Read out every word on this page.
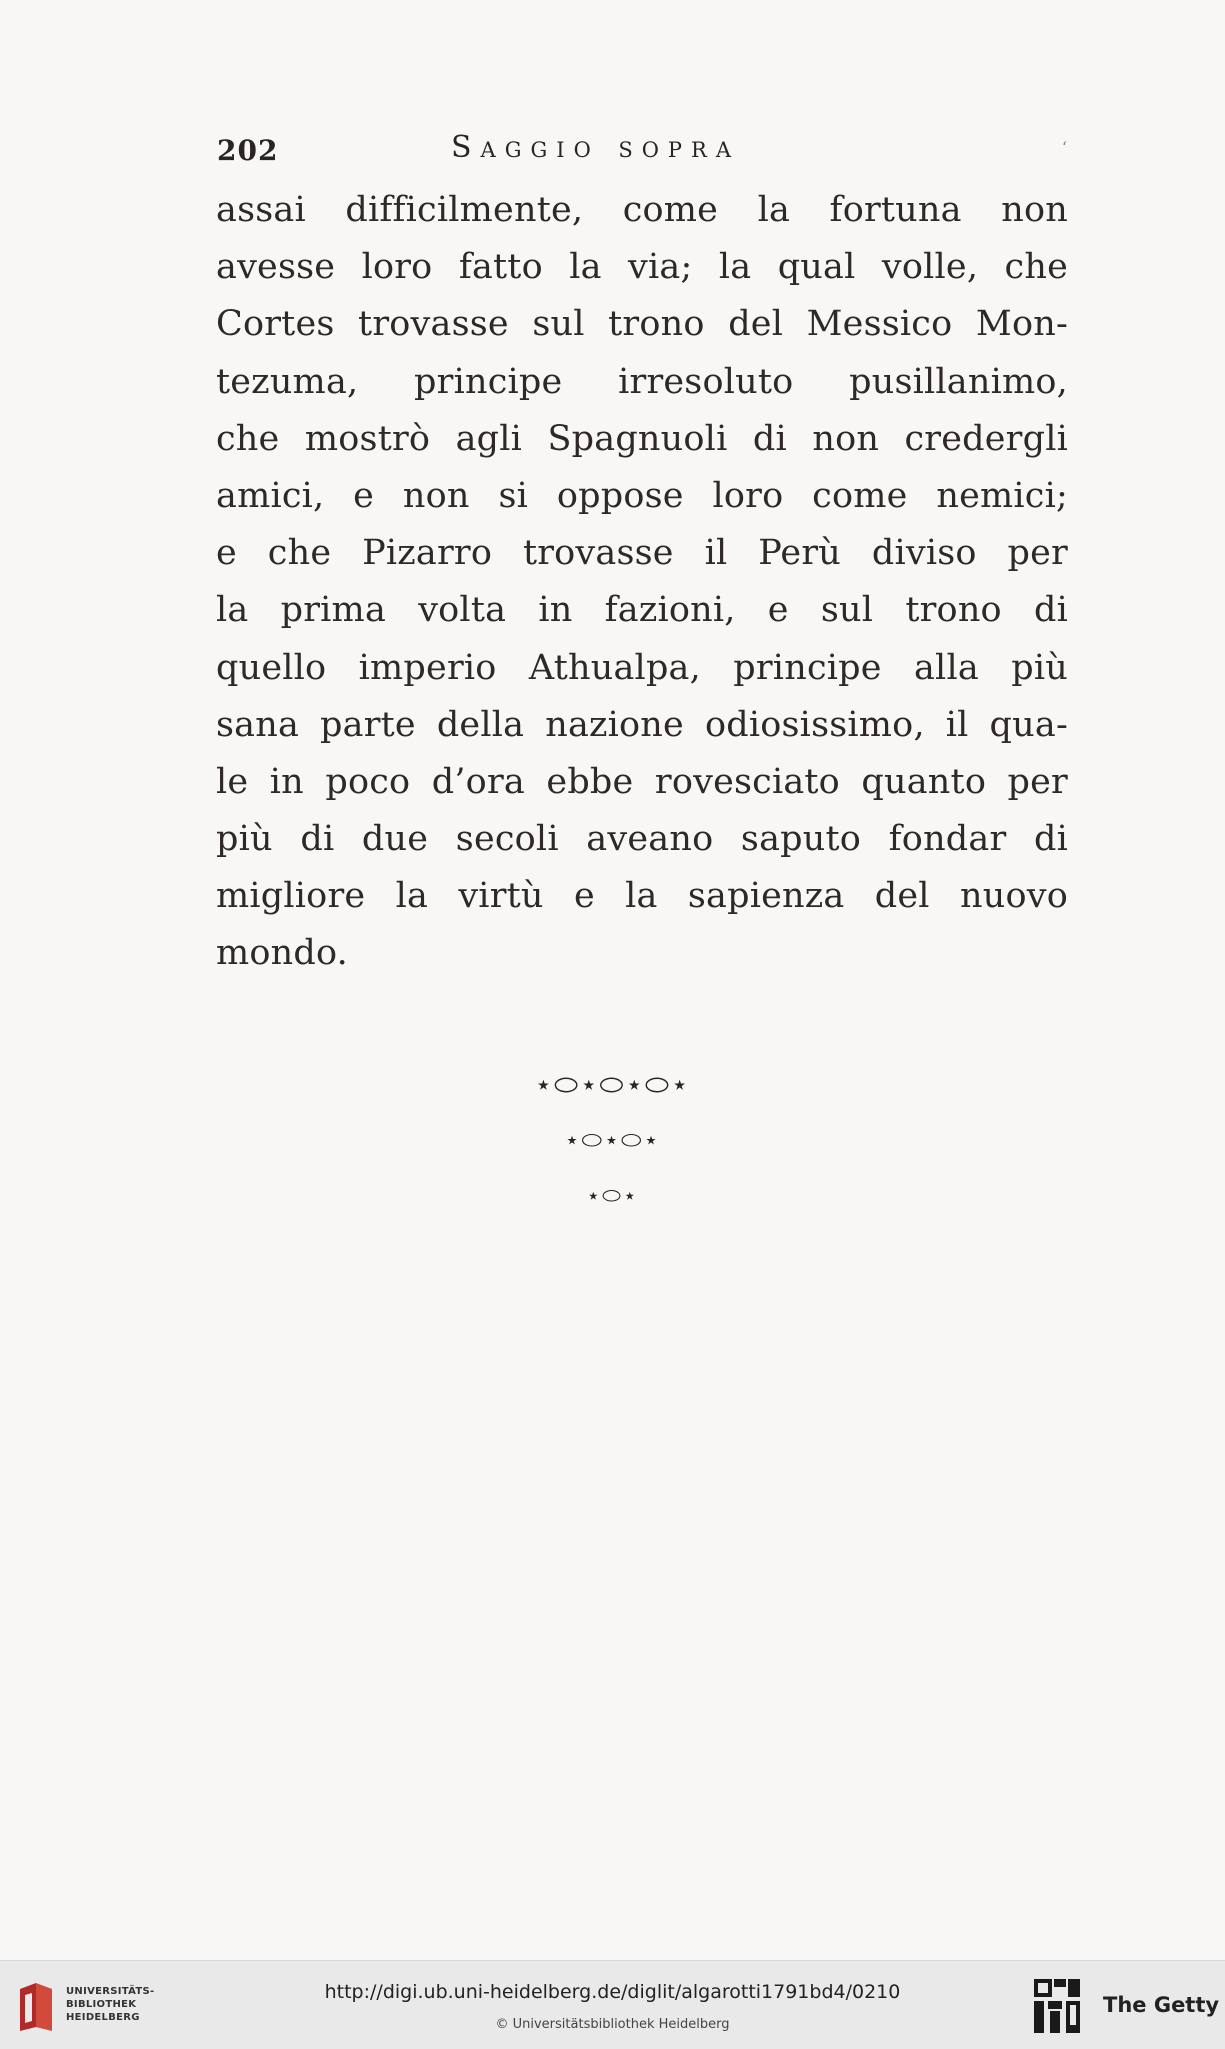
202	Saggio sopra	‘
assai difficilmente, come la fortuna non
avesse loro fatto la via; la qual volle, che
Cortes trovasse sul trono del Messico Mon-
tezuma, principe irresoluto pusillanimo,
che mostrò agli Spagnuoli di non credergli
amici, e non si oppose loro come nemici;
e che Pizarro trovasse il Perù diviso per
la prima volta in fazioni, e sul trono di
quello imperio Athualpa, principe alla più
sana parte della nazione odiosissimo, il qua-
le in poco d’ora ebbe rovesciato quanto per
più di due secoli aveano saputo fondar di
migliore la virtù e la sapienza del nuovo
mondo.
⋆⬭⋆⬭⋆⬭⋆
⋆⬭⋆⬭⋆
⋆⬭⋆
UNIVERSITÄTS-
BIBLIOTHEK
HEIDELBERG
http://digi.ub.uni-heidelberg.de/diglit/algarotti1791bd4/0210
© Universitätsbibliothek Heidelberg
The Getty
